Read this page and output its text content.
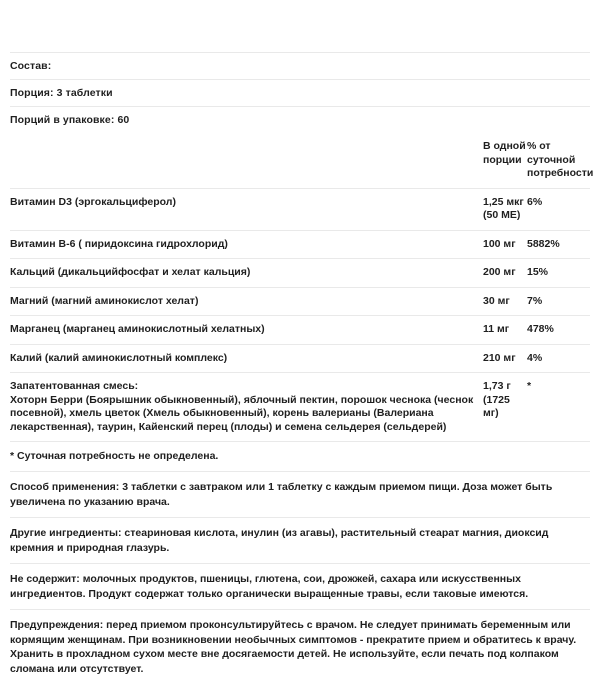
Состав:
Порция: 3 таблетки
Порций в упаковке: 60
	В одной порции	% от суточной потребности
Витамин D3 (эргокальциферол)	1,25 мкг (50 МЕ)	6%
Витамин B-6 ( пиридоксина гидрохлорид)	100 мг	5882%
Кальций (дикальцийфосфат и хелат кальция)	200 мг	15%
Магний (магний аминокислот хелат)	30 мг	7%
Марганец (марганец аминокислотный хелатных)	11 мг	478%
Калий (калий аминокислотный комплекс)	210 мг	4%

Запатентованная смесь:
Хоторн Берри (Боярышник обыкновенный), яблочный пектин, порошок чеснока (чеснок посевной), хмель цветок (Хмель обыкновенный), корень валерианы (Валериана лекарственная), таурин, Кайенский перец (плоды) и семена сельдерея (сельдерей)	1,73 г (1725 мг)	*
* Суточная потребность не определена.
Способ применения: 3 таблетки с завтраком или 1 таблетку с каждым приемом пищи. Доза может быть увеличена по указанию врача.
Другие ингредиенты: стеариновая кислота, инулин (из агавы), растительный стеарат магния, диоксид кремния и природная глазурь.
Не содержит: молочных продуктов, пшеницы, глютена, сои, дрожжей, сахара или искусственных ингредиентов. Продукт содержат только органически выращенные травы, если таковые имеются.
Предупреждения: перед приемом проконсультируйтесь с врачом. Не следует принимать беременным или кормящим женщинам. При возникновении необычных симптомов - прекратите прием и обратитесь к врачу. Хранить в прохладном сухом месте вне досягаемости детей. Не используйте, если печать под колпаком сломана или отсутствует.
